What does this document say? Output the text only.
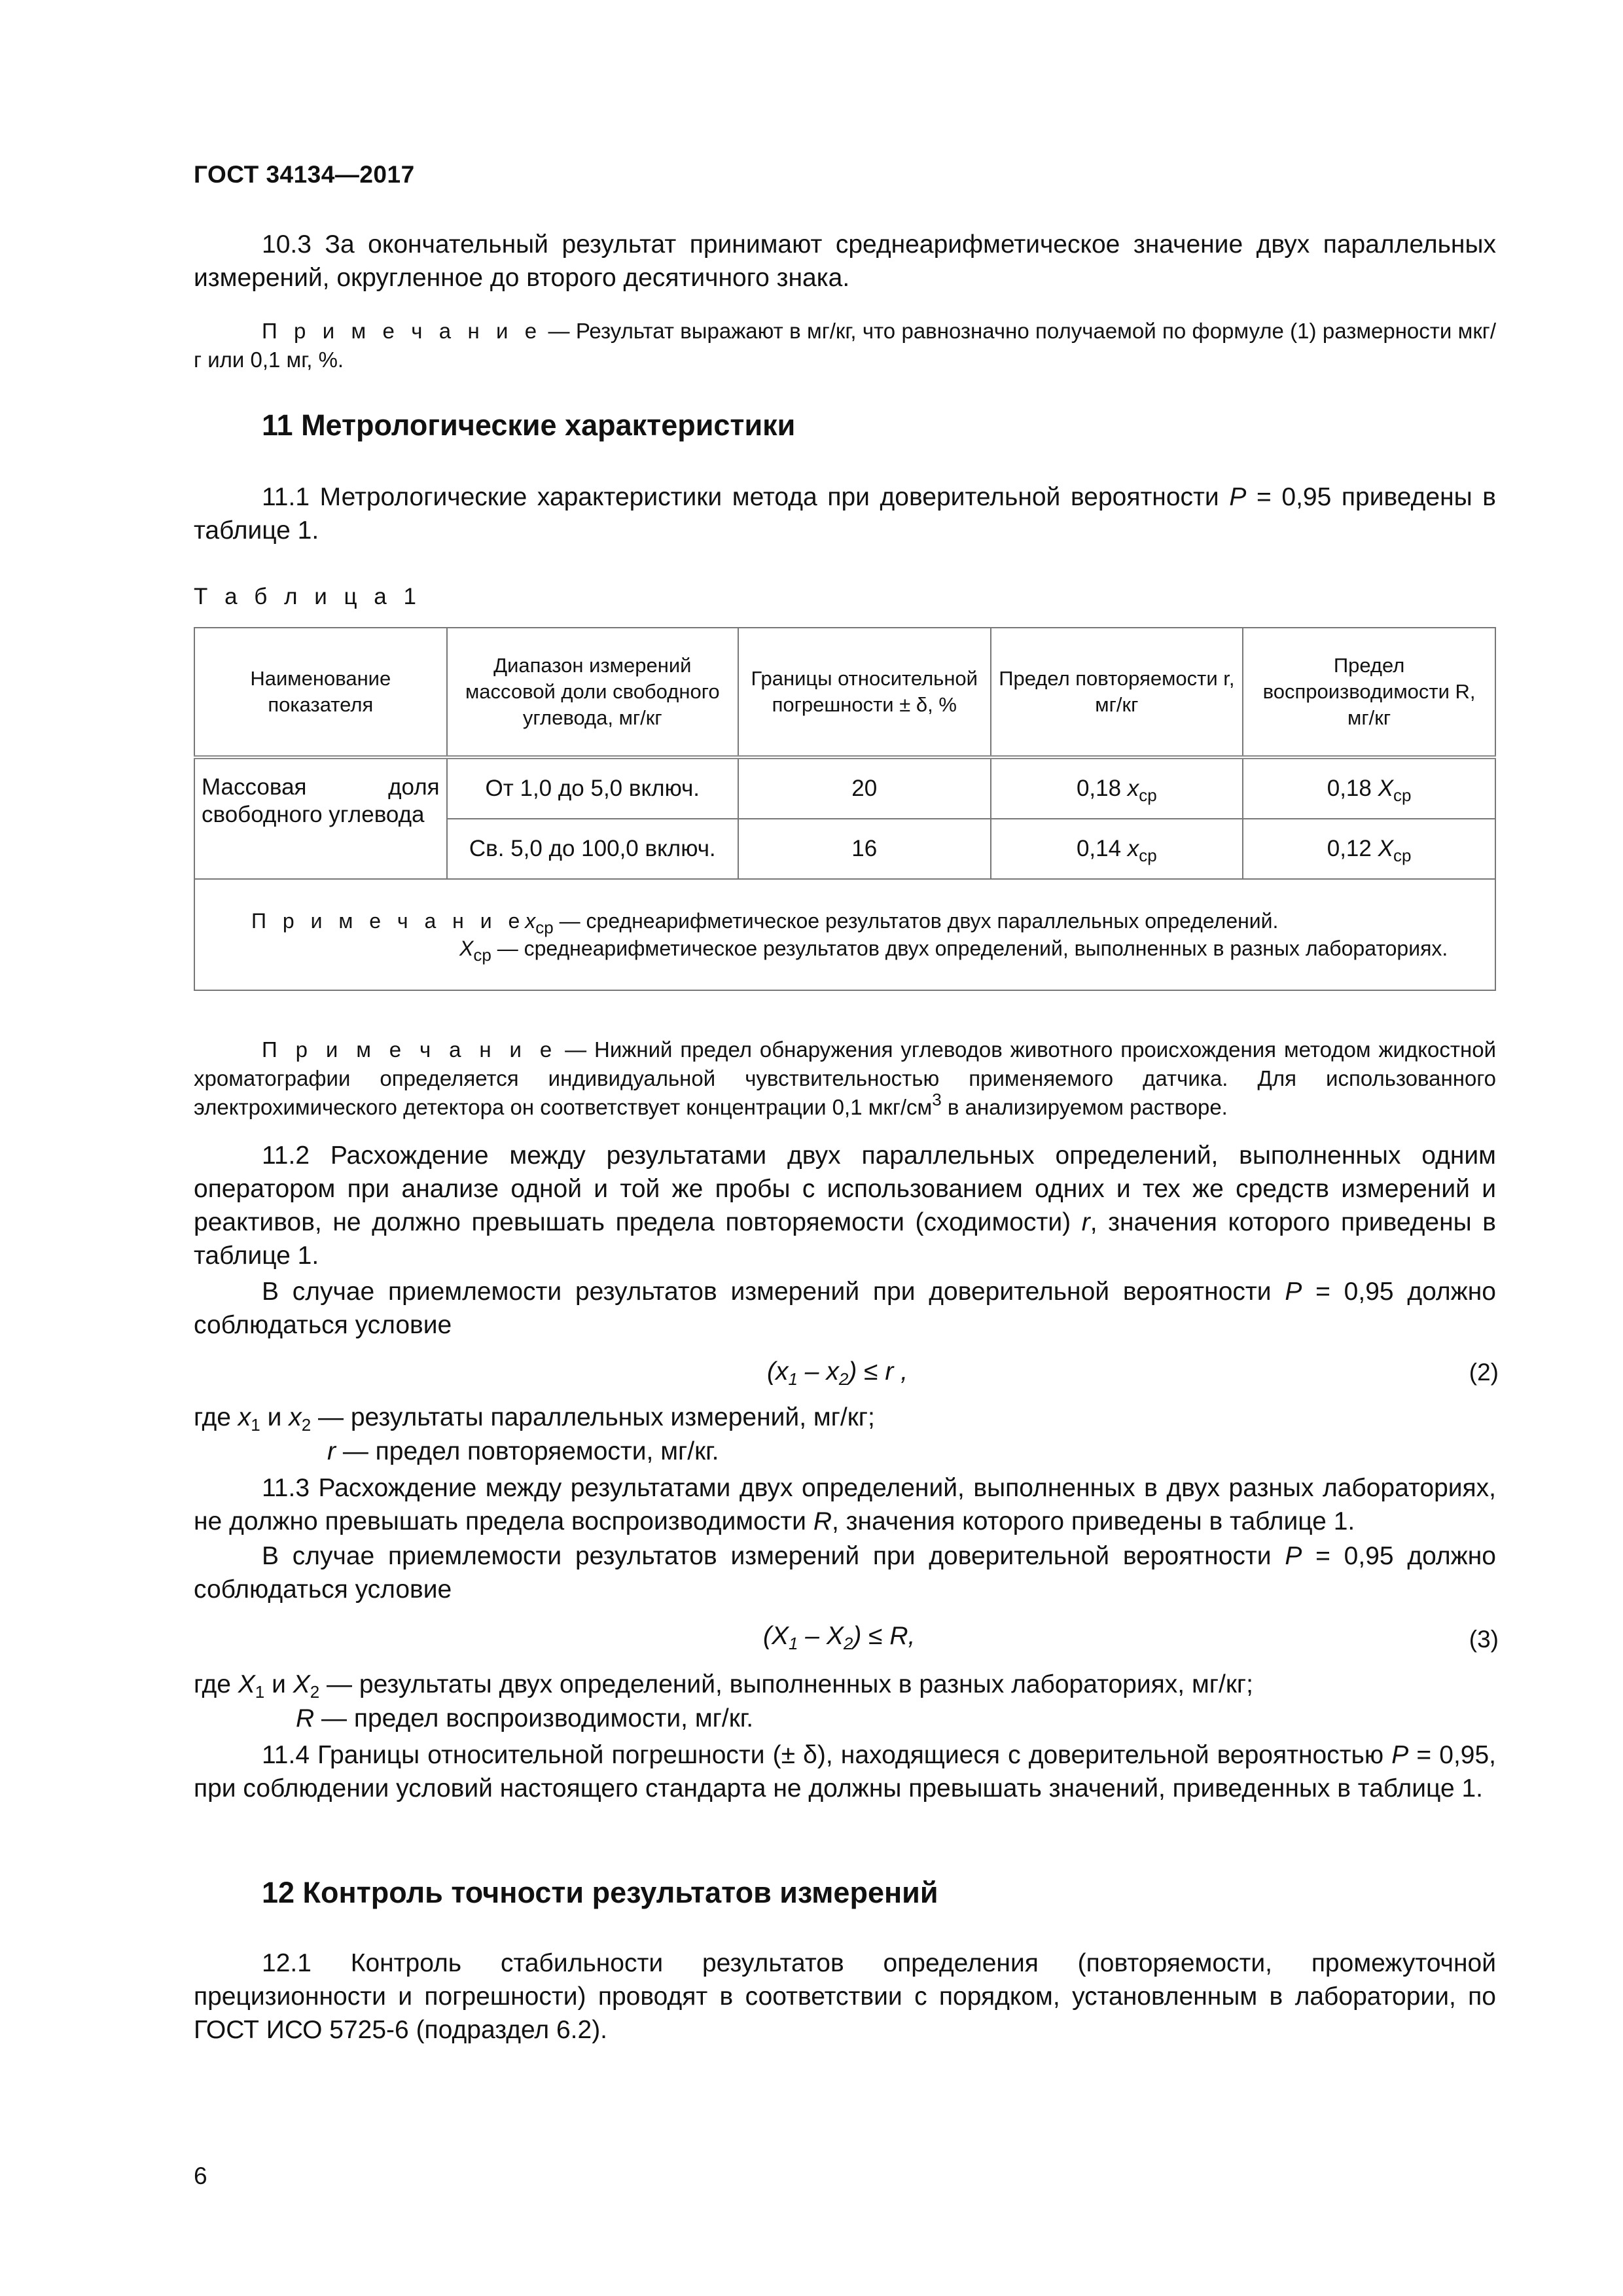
ГОСТ 34134—2017

10.3 За окончательный результат принимают среднеарифметическое значение двух параллельных измерений, округленное до второго десятичного знака.

П р и м е ч а н и е — Результат выражают в мг/кг, что равнозначно получаемой по формуле (1) размерности мкг/г или 0,1 мг, %.

11 Метрологические характеристики

11.1 Метрологические характеристики метода при доверительной вероятности P = 0,95 приведены в таблице 1.

Т а б л и ц а 1
Наименование показателя	Диапазон измерений массовой доли свободного углевода, мг/кг	Границы относительной погрешности ± δ, %	Предел повторяемости r, мг/кг	Предел воспроизводимости R, мг/кг
Массовая доля свободного углевода	От 1,0 до 5,0 включ.	20	0,18 $x_{ср}$	0,18 $X_{ср}$
	Св. 5,0 до 100,0 включ.	16	0,14 $x_{ср}$	0,12 $X_{ср}$

П р и м е ч а н и $еx_{ср}$ — среднеарифметическое результатов двух параллельных определений.
$X_{ср}$ — среднеарифметическое результатов двух определений, выполненных в разных лабораториях.				

П р и м е ч а н и е — Нижний предел обнаружения углеводов животного происхождения методом жидкостной хроматографии определяется индивидуальной чувствительностью применяемого датчика. Для использованного электрохимического детектора он соответствует концентрации 0,1 мкг/$см^3$ в анализируемом растворе.

11.2 Расхождение между результатами двух параллельных определений, выполненных одним оператором при анализе одной и той же пробы с использованием одних и тех же средств измерений и реактивов, не должно превышать предела повторяемости (сходимости) r, значения которого приведены в таблице 1.

В случае приемлемости результатов измерений при доверительной вероятности P = 0,95 должно соблюдаться условие

$(x_1 - x_2) \le r$ ,	(2)
где $x_1$ и $x_2$ — результаты параллельных измерений, мг/кг;
r — предел повторяемости, мг/кг.

11.3 Расхождение между результатами двух определений, выполненных в двух разных лабораториях, не должно превышать предела воспроизводимости R, значения которого приведены в таблице 1.

В случае приемлемости результатов измерений при доверительной вероятности P = 0,95 должно соблюдаться условие

$(X_1 - X_2) \le R$,	(3)
где $X_1$ и $X_2$ — результаты двух определений, выполненных в разных лабораториях, мг/кг;
R — предел воспроизводимости, мг/кг.

11.4 Границы относительной погрешности (± δ), находящиеся с доверительной вероятностью P = 0,95, при соблюдении условий настоящего стандарта не должны превышать значений, приведенных в таблице 1.

12 Контроль точности результатов измерений

12.1 Контроль стабильности результатов определения (повторяемости, промежуточной прецизионности и погрешности) проводят в соответствии с порядком, установленным в лаборатории, по ГОСТ ИСО 5725-6 (подраздел 6.2).

6
